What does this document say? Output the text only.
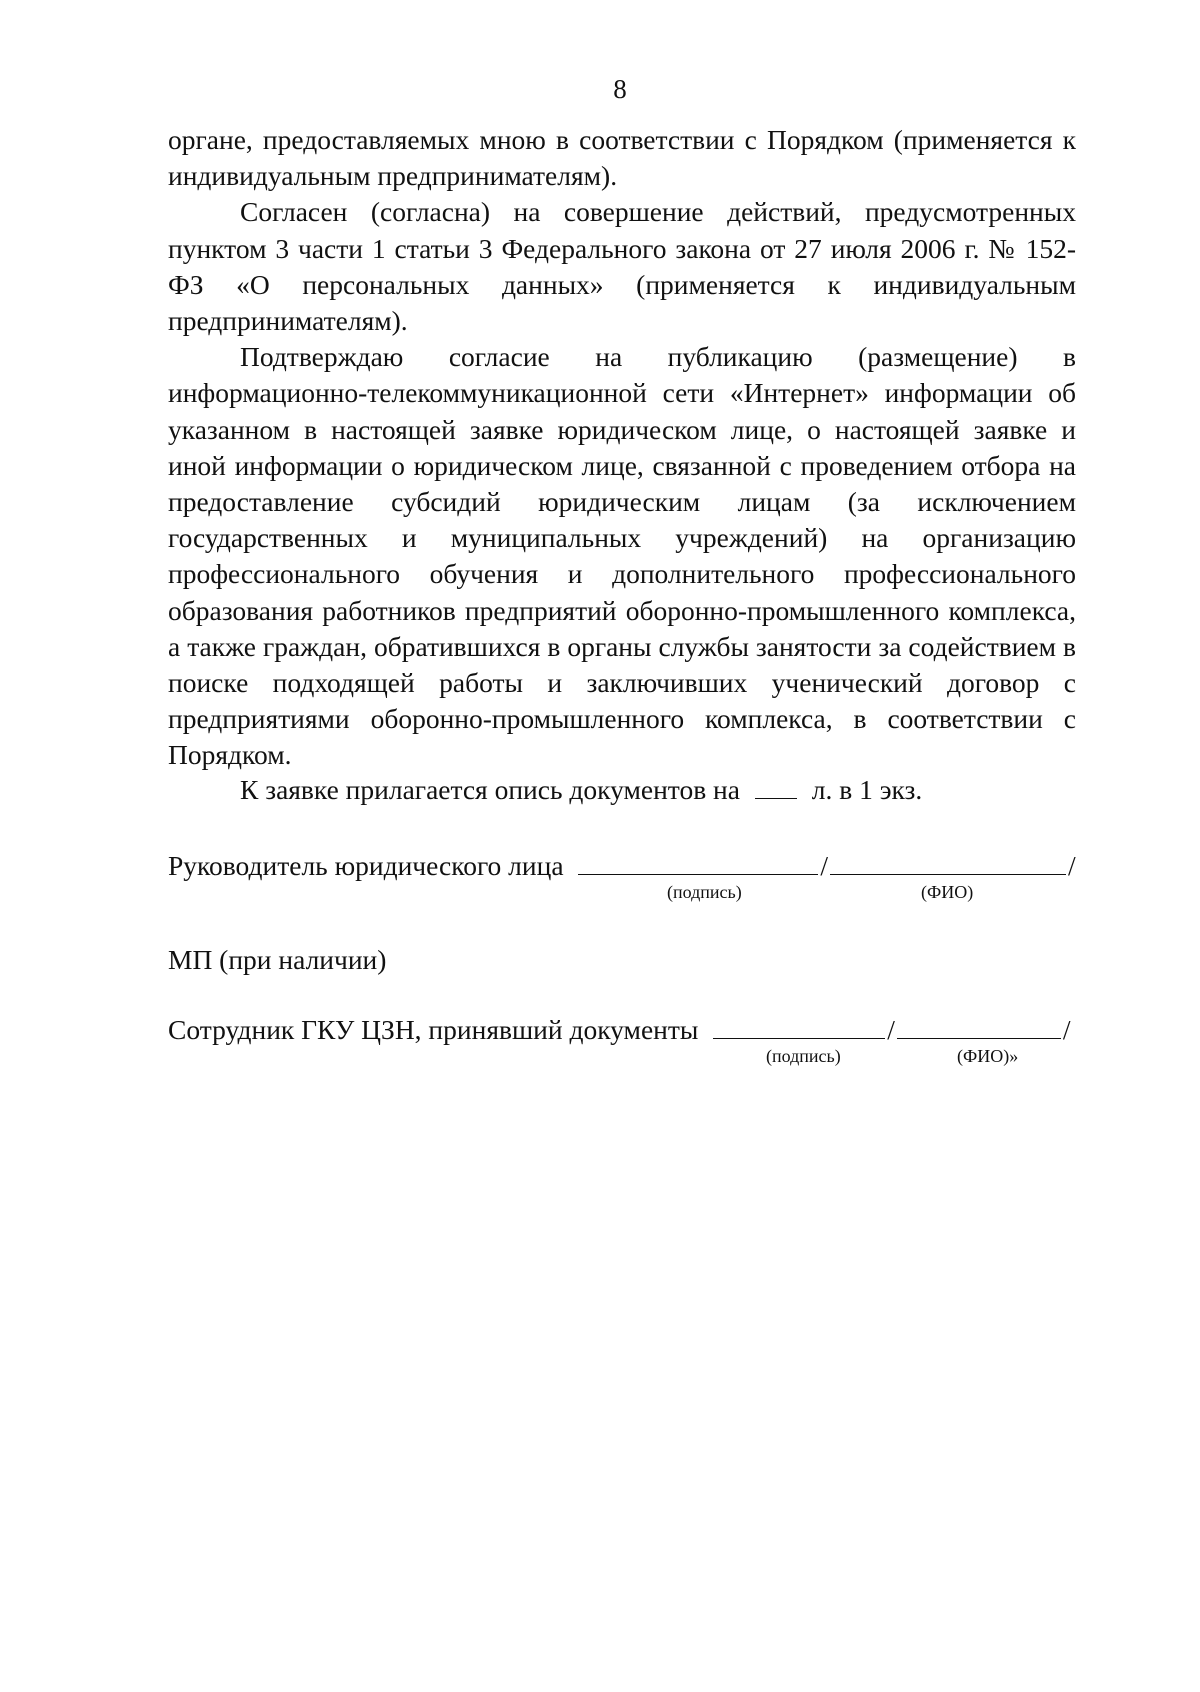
8

органе, предоставляемых мною в соответствии с Порядком (применяется к индивидуальным предпринимателям).

Согласен (согласна) на совершение действий, предусмотренных пунктом 3 части 1 статьи 3 Федерального закона от 27 июля 2006 г. № 152-ФЗ «О персональных данных» (применяется к индивидуальным предпринимателям).

Подтверждаю согласие на публикацию (размещение) в информационно-телекоммуникационной сети «Интернет» информации об указанном в настоящей заявке юридическом лице, о настоящей заявке и иной информации о юридическом лице, связанной с проведением отбора на предоставление субсидий юридическим лицам (за исключением государственных и муниципальных учреждений) на организацию профессионального обучения и дополнительного профессионального образования работников предприятий оборонно-промышленного комплекса, а также граждан, обратившихся в органы службы занятости за содействием в поиске подходящей работы и заключивших ученический договор с предприятиями оборонно-промышленного комплекса, в соответствии с Порядком.

К заявке прилагается опись документов на	л. в 1 экз.
Руководитель юридического лица	/	/
(подпись)	(ФИО)
МП (при наличии)
Сотрудник ГКУ ЦЗН, принявший документы	/	/
(подпись)	(ФИО)»
